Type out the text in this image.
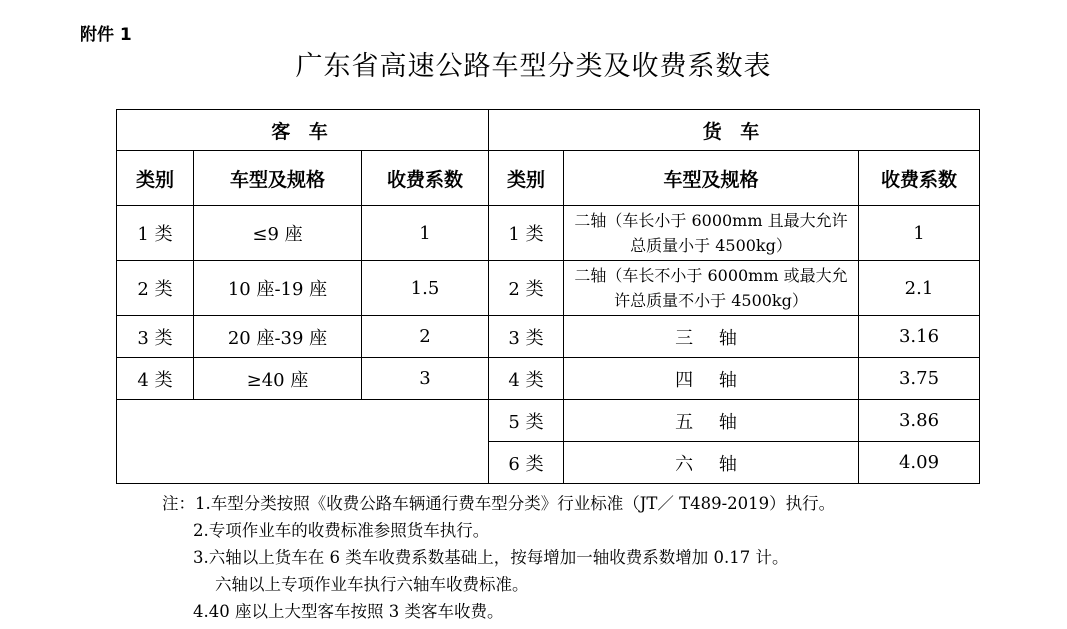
附件 1
广东省高速公路车型分类及收费系数表
客 车			货 车		
类别	车型及规格	收费系数	类别	车型及规格	收费系数
1 类	≤9 座	1	1 类	二轴（车长小于 6000mm 且最大允许总质量小于 4500kg）	1
2 类	10 座-19 座	1.5	2 类	二轴（车长不小于 6000mm 或最大允许总质量不小于 4500kg）	2.1
3 类	20 座-39 座	2	3 类	三 轴	3.16
4 类	≥40 座	3	4 类	四 轴	3.75
			5 类	五 轴	3.86
			6 类	六 轴	4.09
注：1.车型分类按照《收费公路车辆通行费车型分类》行业标准（JT／ T489-2019）执行。
2.专项作业车的收费标准参照货车执行。
3.六轴以上货车在 6 类车收费系数基础上，按每增加一轴收费系数增加 0.17 计。
六轴以上专项作业车执行六轴车收费标准。
4.40 座以上大型客车按照 3 类客车收费。
